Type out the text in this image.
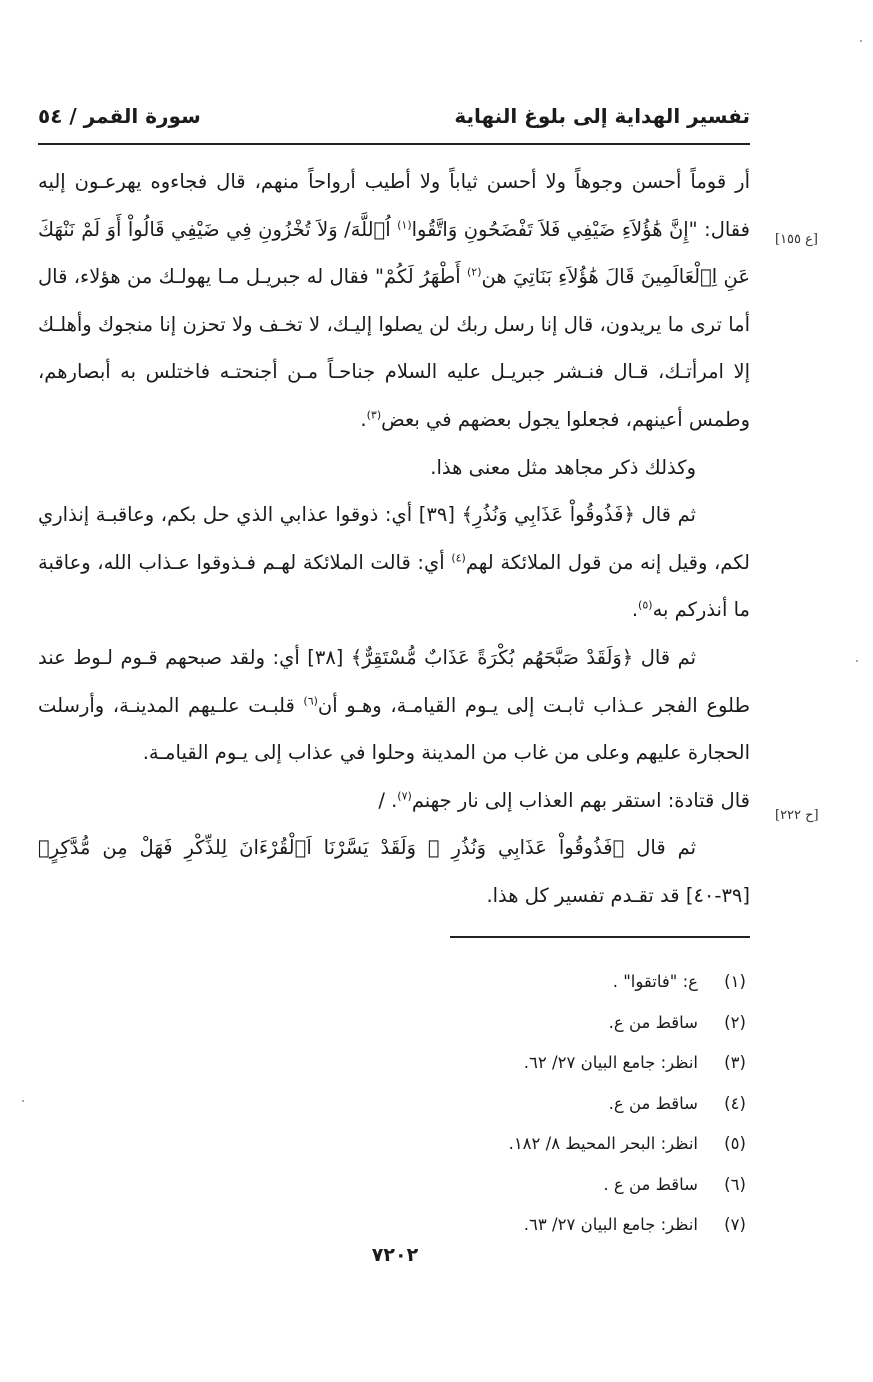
سورة القمر / ٥٤	تفسير الهداية إلى بلوغ النهاية
[ع ١٥٥]
[ح ٢٢٢]

أر قوماً أحسن وجوهاً ولا أحسن ثياباً ولا أطيب أرواحاً منهم، قال فجاءوه يهرعـون إليه فقال: "إِنَّ هَٰؤُلاَءِ ضَيْفِي فَلاَ تَفْضَحُونِ وَاتَّقُوا$^{(١)}$ اُ۬للَّهَ/ وَلاَ تُخْزُونِ فِي ضَيْفِي قَالُواْ أَوَ لَمْ نَنْهَكَ عَنِ اِ۬لْعَالَمِينَ قَالَ هَٰؤُلاَءِ بَنَاتِيَ هن$^{(٢)}$ أَطْهَرُ لَكُمْ" فقال له جبريـل مـا يهولـك من هؤلاء، قال أما ترى ما يريدون، قال إنا رسل ربك لن يصلوا إليـك، لا تخـف ولا تحزن إنا منجوك وأهلـك إلا امرأتـك، قـال فنـشر جبريـل عليه السلام جناحـاً مـن أجنحتـه فاختلس به أبصارهم، وطمس أعينهم، فجعلوا يجول بعضهم في بعض$^{(٣)}$.

وكذلك ذكر مجاهد مثل معنى هذا.

ثم قال ﴿فَذُوقُواْ عَذَابِي وَنُذُرِ﴾ [٣٩] أي: ذوقوا عذابي الذي حل بكم، وعاقبـة إنذاري لكم، وقيل إنه من قول الملائكة لهم$^{(٤)}$ أي: قالت الملائكة لهـم فـذوقوا عـذاب الله، وعاقبة ما أنذركم به$^{(٥)}$.

ثم قال ﴿وَلَقَدْ صَبَّحَهُم بُكْرَةً عَذَابٌ مُّسْتَقِرٌّ﴾ [٣٨] أي: ولقد صبحهم قـوم لـوط عند طلوع الفجر عـذاب ثابـت إلى يـوم القيامـة، وهـو أن$^{(٦)}$ قلبـت علـيهم المدينـة، وأرسلت الحجارة عليهم وعلى من غاب من المدينة وحلوا في عذاب إلى يـوم القيامـة.

قال قتادة: استقر بهم العذاب إلى نار جهنم$^{(٧)}$. /

ثم قال ﴿فَذُوقُواْ عَذَابِي وَنُذُرِ ۞ وَلَقَدْ يَسَّرْنَا اَ۬لْقُرْءَانَ لِلذِّكْرِ فَهَلْ مِن مُّدَّكِرٍ﴾ [٣٩-٤٠] قد تقـدم تفسير كل هذا.

(١)
ع: "فاتقوا" .
(٢)
ساقط من ع.
(٣)
انظر: جامع البيان ٢٧/ ٦٢.
(٤)
ساقط من ع.
(٥)
انظر: البحر المحيط ٨/ ١٨٢.
(٦)
ساقط من ع .
(٧)
انظر: جامع البيان ٢٧/ ٦٣.
٧٢٠٢
